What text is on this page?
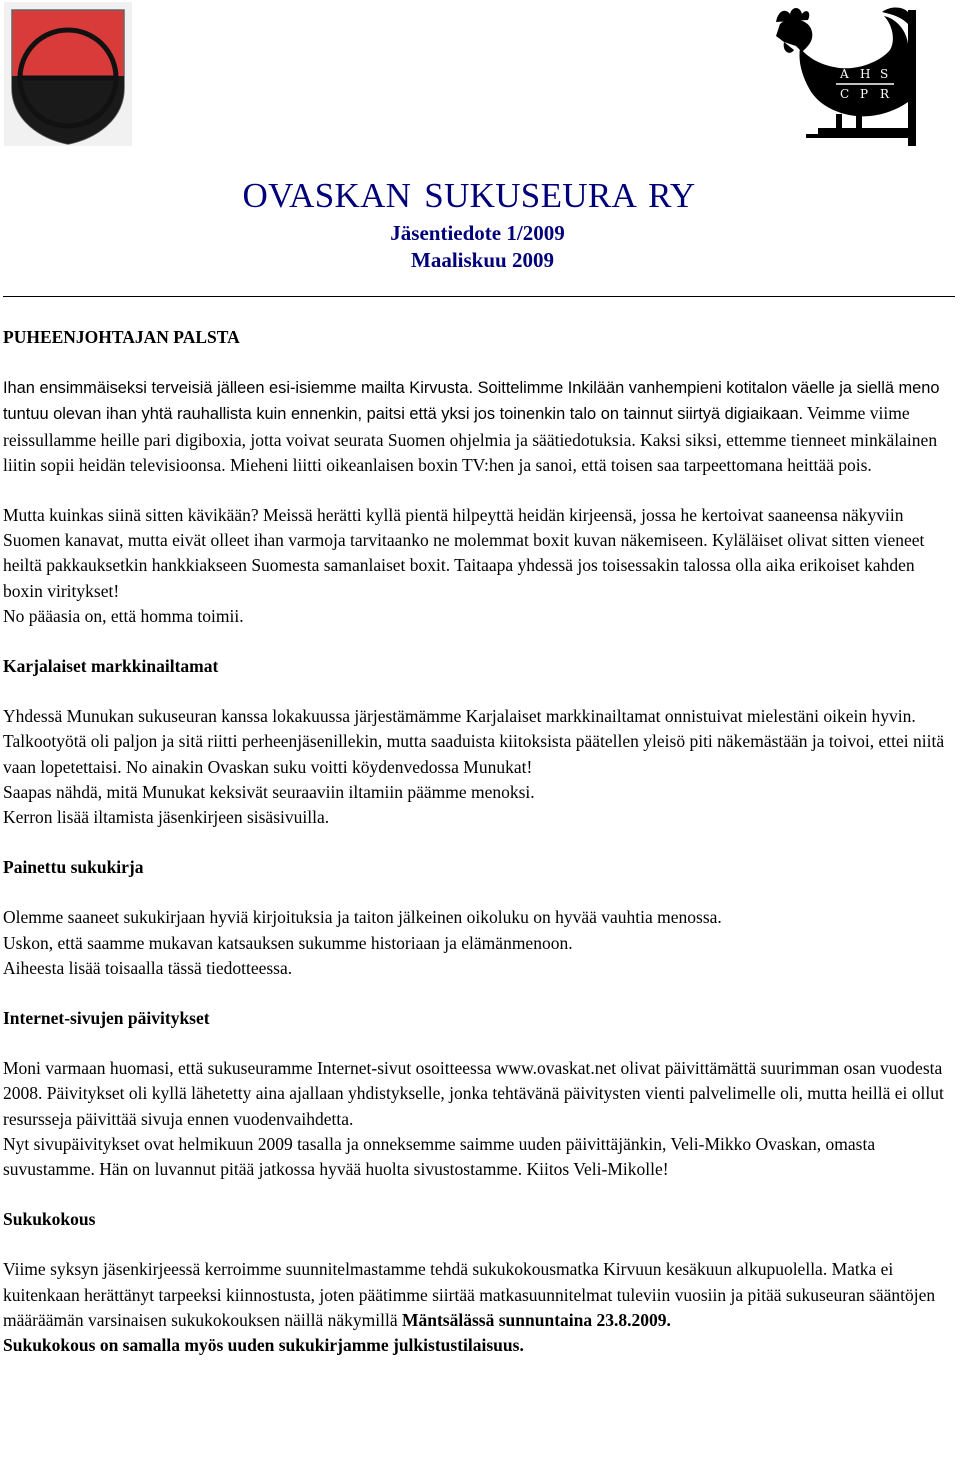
A H S
C P R
OVASKAN SUKUSEURA RY
Jäsentiedote 1/2009
Maaliskuu 2009

PUHEENJOHTAJAN PALSTA

Ihan ensimmäiseksi terveisiä jälleen esi-isiemme mailta Kirvusta. Soittelimme Inkilään vanhempieni kotitalon väelle ja siellä meno tuntuu olevan ihan yhtä rauhallista kuin ennenkin, paitsi että yksi jos toinenkin talo on tainnut siirtyä digiaikaan. Veimme viime reissullamme heille pari digiboxia, jotta voivat seurata Suomen ohjelmia ja säätiedotuksia. Kaksi siksi, ettemme tienneet minkälainen liitin sopii heidän televisioonsa. Mieheni liitti oikeanlaisen boxin TV:hen ja sanoi, että toisen saa tarpeettomana heittää pois.

Mutta kuinkas siinä sitten kävikään? Meissä herätti kyllä pientä hilpeyttä heidän kirjeensä, jossa he kertoivat saaneensa näkyviin Suomen kanavat, mutta eivät olleet ihan varmoja tarvitaanko ne molemmat boxit kuvan näkemiseen. Kyläläiset olivat sitten vieneet heiltä pakkauksetkin hankkiakseen Suomesta samanlaiset boxit. Taitaapa yhdessä jos toisessakin talossa olla aika erikoiset kahden boxin viritykset!

No pääasia on, että homma toimii.

Karjalaiset markkinailtamat

Yhdessä Munukan sukuseuran kanssa lokakuussa järjestämämme Karjalaiset markkinailtamat onnistuivat mielestäni oikein hyvin.

Talkootyötä oli paljon ja sitä riitti perheenjäsenillekin, mutta saaduista kiitoksista päätellen yleisö piti näkemästään ja toivoi, ettei niitä vaan lopetettaisi. No ainakin Ovaskan suku voitti köydenvedossa Munukat!

Saapas nähdä, mitä Munukat keksivät seuraaviin iltamiin päämme menoksi.

Kerron lisää iltamista jäsenkirjeen sisäsivuilla.

Painettu sukukirja

Olemme saaneet sukukirjaan hyviä kirjoituksia ja taiton jälkeinen oikoluku on hyvää vauhtia menossa.

Uskon, että saamme mukavan katsauksen sukumme historiaan ja elämänmenoon.

Aiheesta lisää toisaalla tässä tiedotteessa.

Internet-sivujen päivitykset

Moni varmaan huomasi, että sukuseuramme Internet-sivut osoitteessa www.ovaskat.net olivat päivittämättä suurimman osan vuodesta 2008. Päivitykset oli kyllä lähetetty aina ajallaan yhdistykselle, jonka tehtävänä päivitysten vienti palvelimelle oli, mutta heillä ei ollut resursseja päivittää sivuja ennen vuodenvaihdetta.

Nyt sivupäivitykset ovat helmikuun 2009 tasalla ja onneksemme saimme uuden päivittäjänkin, Veli-Mikko Ovaskan, omasta suvustamme. Hän on luvannut pitää jatkossa hyvää huolta sivustostamme. Kiitos Veli-Mikolle!

Sukukokous

Viime syksyn jäsenkirjeessä kerroimme suunnitelmastamme tehdä sukukokousmatka Kirvuun kesäkuun alkupuolella. Matka ei kuitenkaan herättänyt tarpeeksi kiinnostusta, joten päätimme siirtää matkasuunnitelmat tuleviin vuosiin ja pitää sukuseuran sääntöjen määräämän varsinaisen sukukokouksen näillä näkymillä Mäntsälässä sunnuntaina 23.8.2009.

Sukukokous on samalla myös uuden sukukirjamme julkistustilaisuus.
